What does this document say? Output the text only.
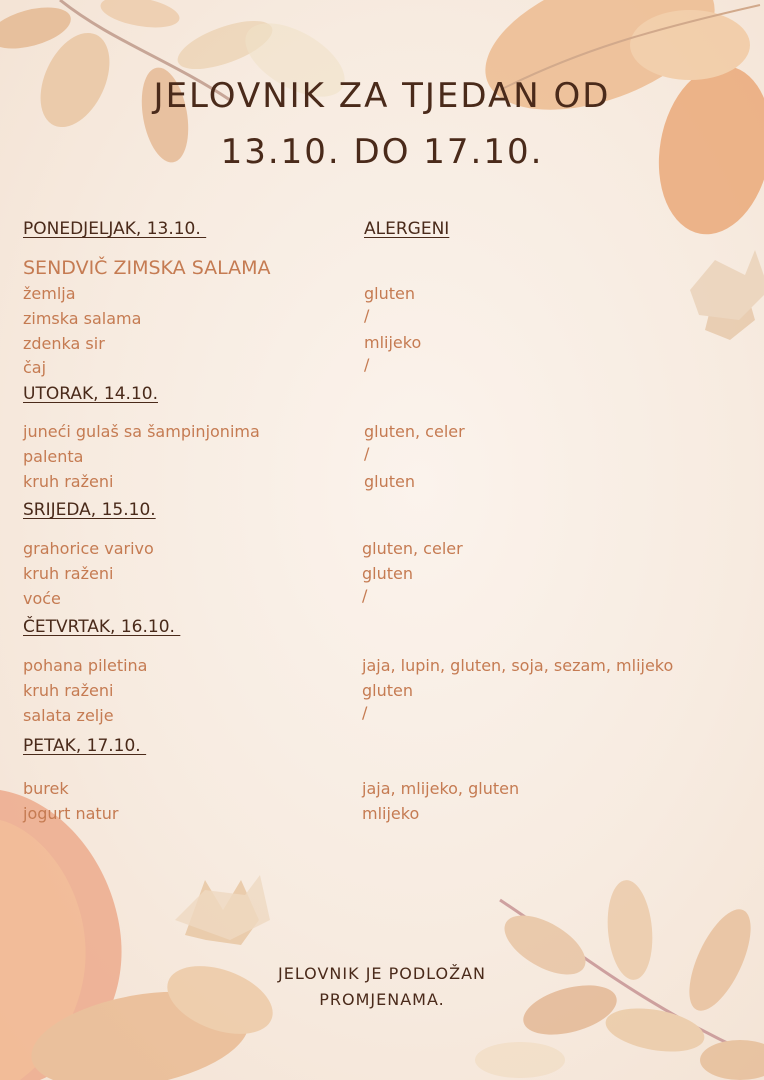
JELOVNIK ZA TJEDAN OD
13.10. DO 17.10.
ALERGENI
PONEDJELJAK, 13.10.
SENDVIČ ZIMSKA SALAMA
žemlja	gluten
zimska salama	/
zdenka sir	mlijeko
čaj	/
UTORAK, 14.10.
juneći gulaš sa šampinjonima	gluten, celer
palenta	/
kruh raženi	gluten
SRIJEDA, 15.10.
grahorice varivo	gluten, celer
kruh raženi	gluten
voće	/
ČETVRTAK, 16.10.
pohana piletina	jaja, lupin, gluten, soja, sezam, mlijeko
kruh raženi	gluten
salata zelje	/
PETAK, 17.10.
burek	jaja, mlijeko, gluten
jogurt natur	mlijeko
JELOVNIK JE PODLOŽAN
PROMJENAMA.
